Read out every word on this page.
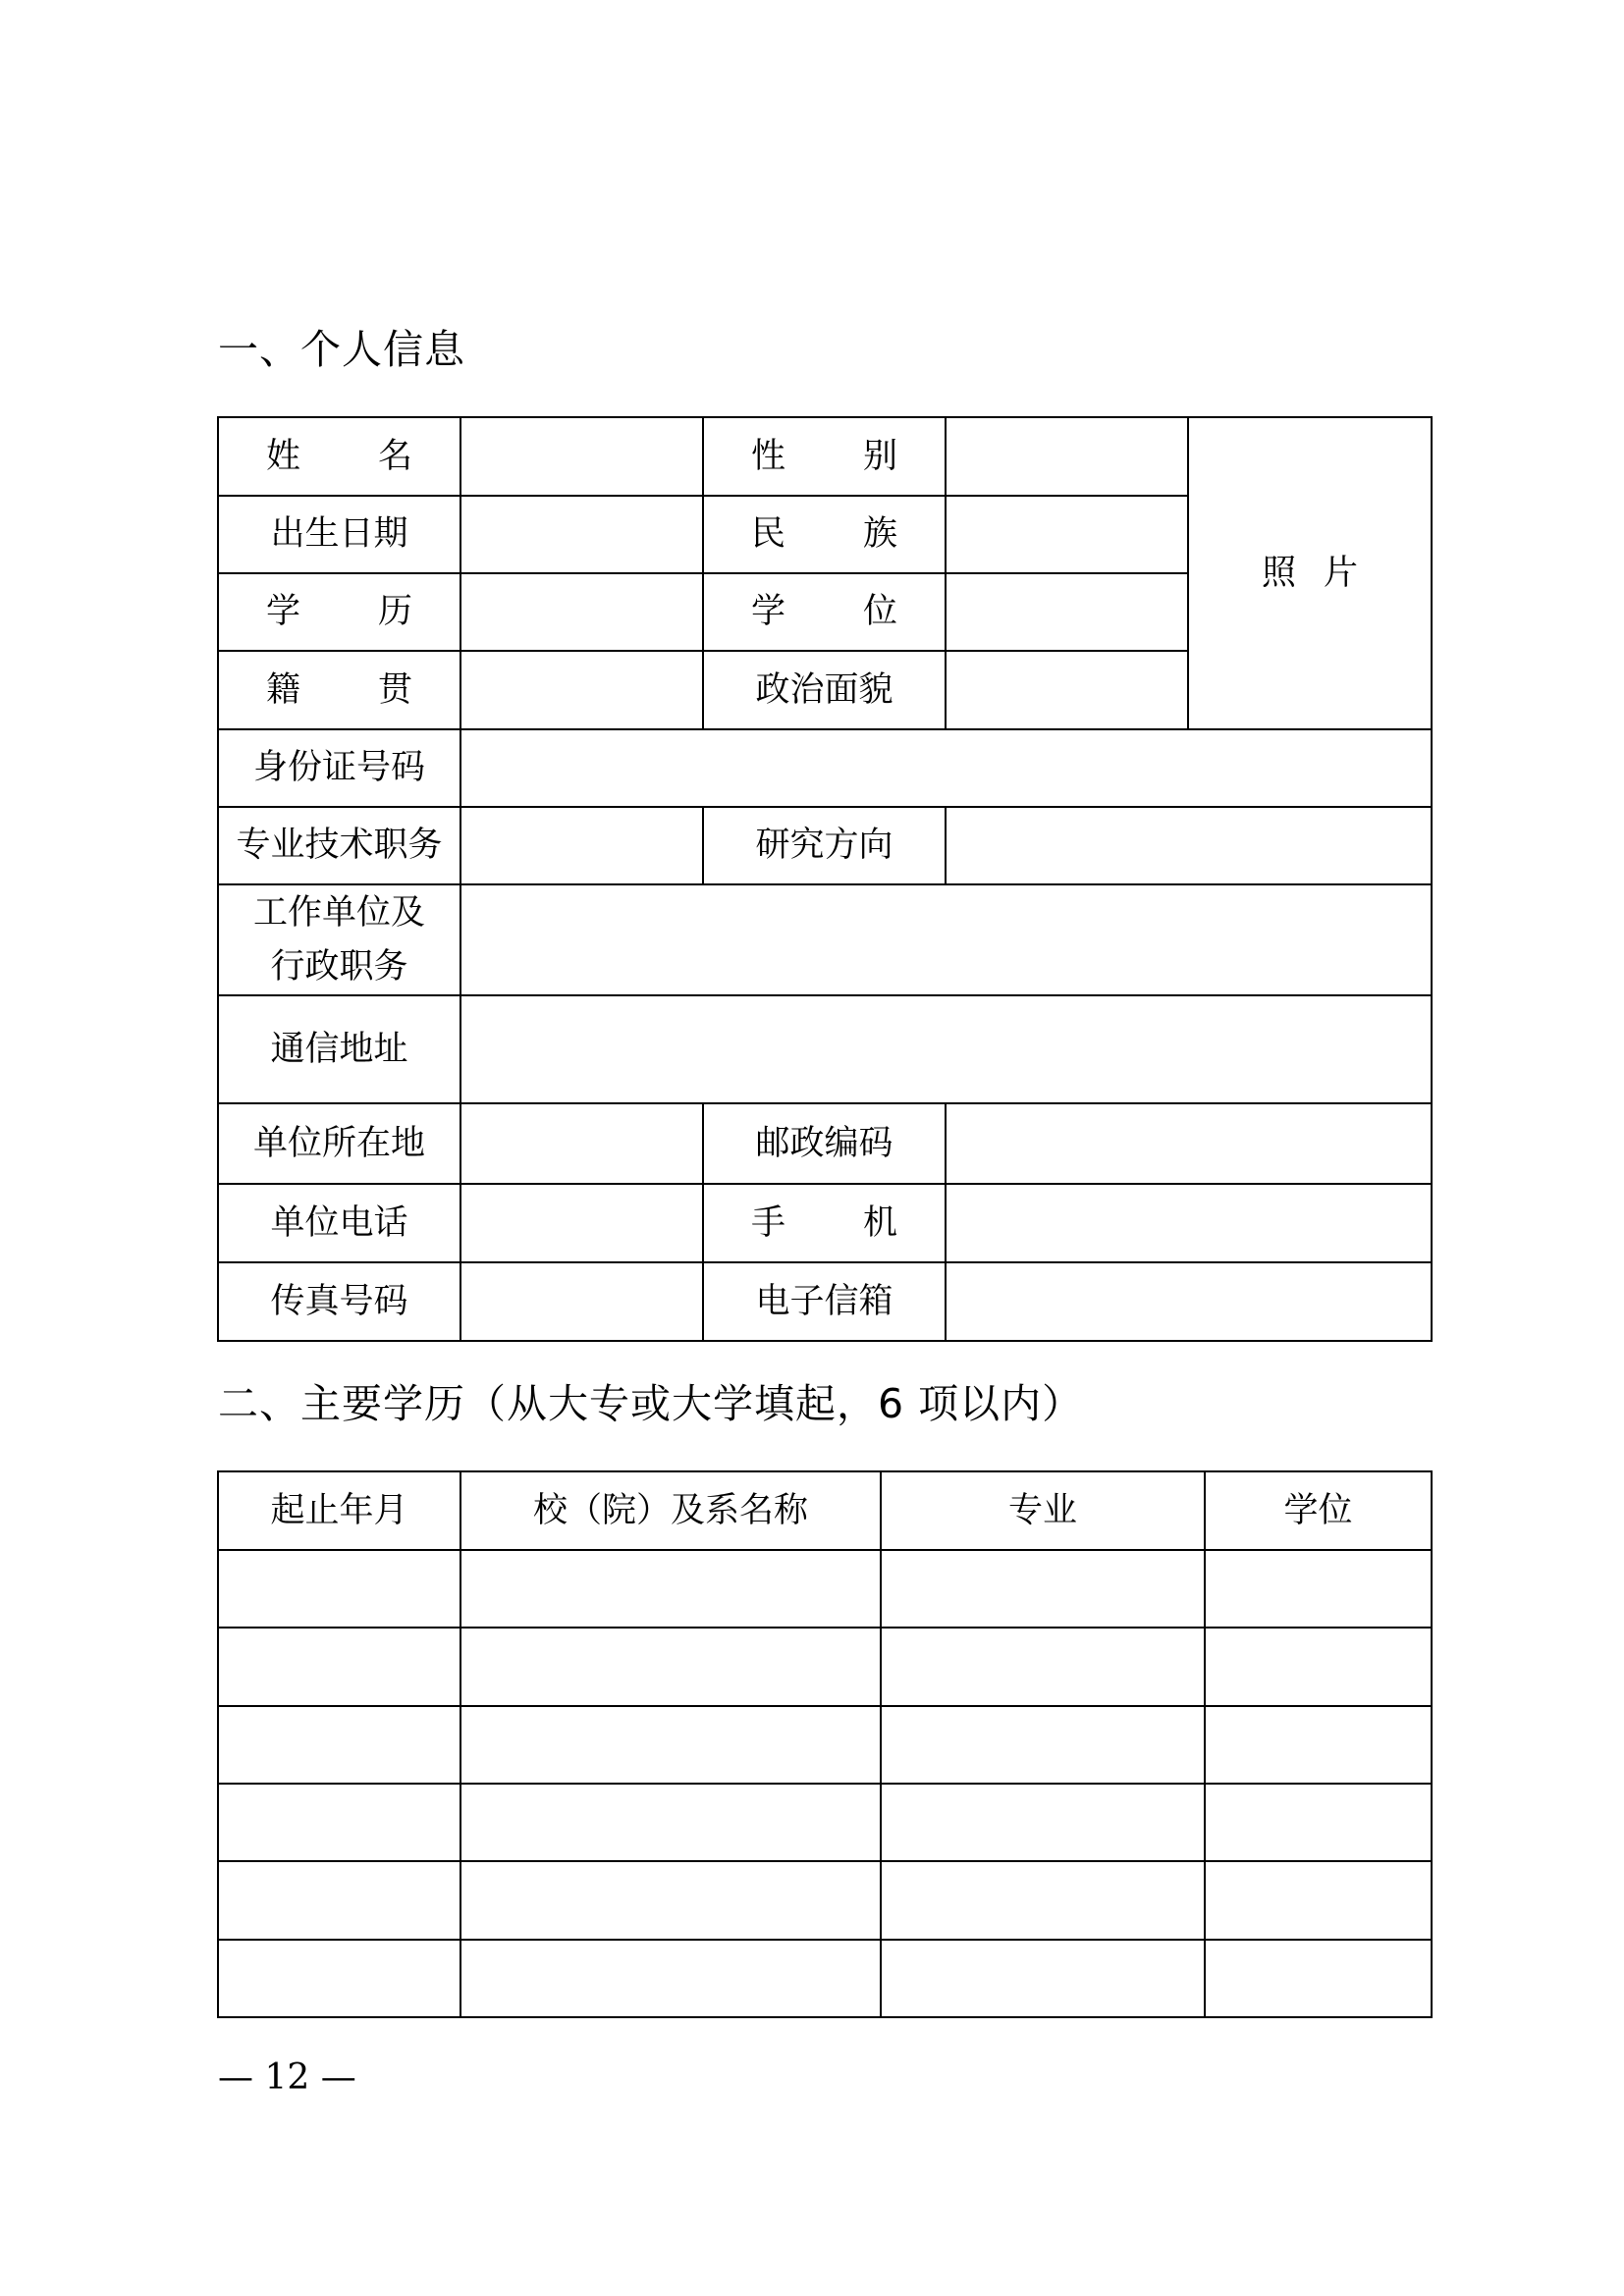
一、个人信息
姓 名		性 别		照片
出生日期		民 族		

学 历		学 位		

籍 贯		政治面貌		
身份证号码				
专业技术职务		研究方向		

工作单位及
行政职务				

通信地址				
单位所在地		邮政编码		
单位电话		手 机		

传真号码		电子信箱		
二、主要学历（从大专或大学填起，6 项以内）
起止年月	校（院）及系名称	专业	学位

— 12 —
